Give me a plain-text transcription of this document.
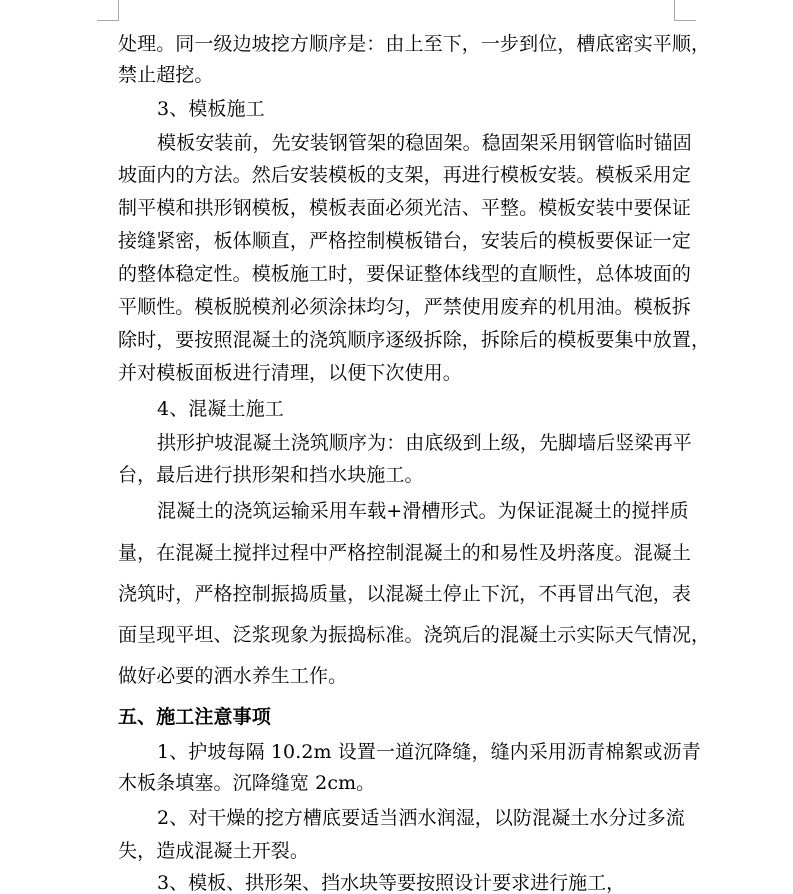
处理。同一级边坡挖方顺序是：由上至下，一步到位，槽底密实平顺，
禁止超挖。
3、模板施工
模板安装前，先安装钢管架的稳固架。稳固架采用钢管临时锚固
坡面内的方法。然后安装模板的支架，再进行模板安装。模板采用定
制平模和拱形钢模板，模板表面必须光洁、平整。模板安装中要保证
接缝紧密，板体顺直，严格控制模板错台，安装后的模板要保证一定
的整体稳定性。模板施工时，要保证整体线型的直顺性，总体坡面的
平顺性。模板脱模剂必须涂抹均匀，严禁使用废弃的机用油。模板拆
除时，要按照混凝土的浇筑顺序逐级拆除，拆除后的模板要集中放置，
并对模板面板进行清理，以便下次使用。
4、混凝土施工
拱形护坡混凝土浇筑顺序为：由底级到上级，先脚墙后竖梁再平
台，最后进行拱形架和挡水块施工。
混凝土的浇筑运输采用车载+滑槽形式。为保证混凝土的搅拌质
量，在混凝土搅拌过程中严格控制混凝土的和易性及坍落度。混凝土
浇筑时，严格控制振捣质量，以混凝土停止下沉，不再冒出气泡，表
面呈现平坦、泛浆现象为振捣标准。浇筑后的混凝土示实际天气情况，
做好必要的洒水养生工作。
五、施工注意事项
1、护坡每隔 10.2m 设置一道沉降缝，缝内采用沥青棉絮或沥青
木板条填塞。沉降缝宽 2cm。
2、对干燥的挖方槽底要适当洒水润湿，以防混凝土水分过多流
失，造成混凝土开裂。
3、模板、拱形架、挡水块等要按照设计要求进行施工，
